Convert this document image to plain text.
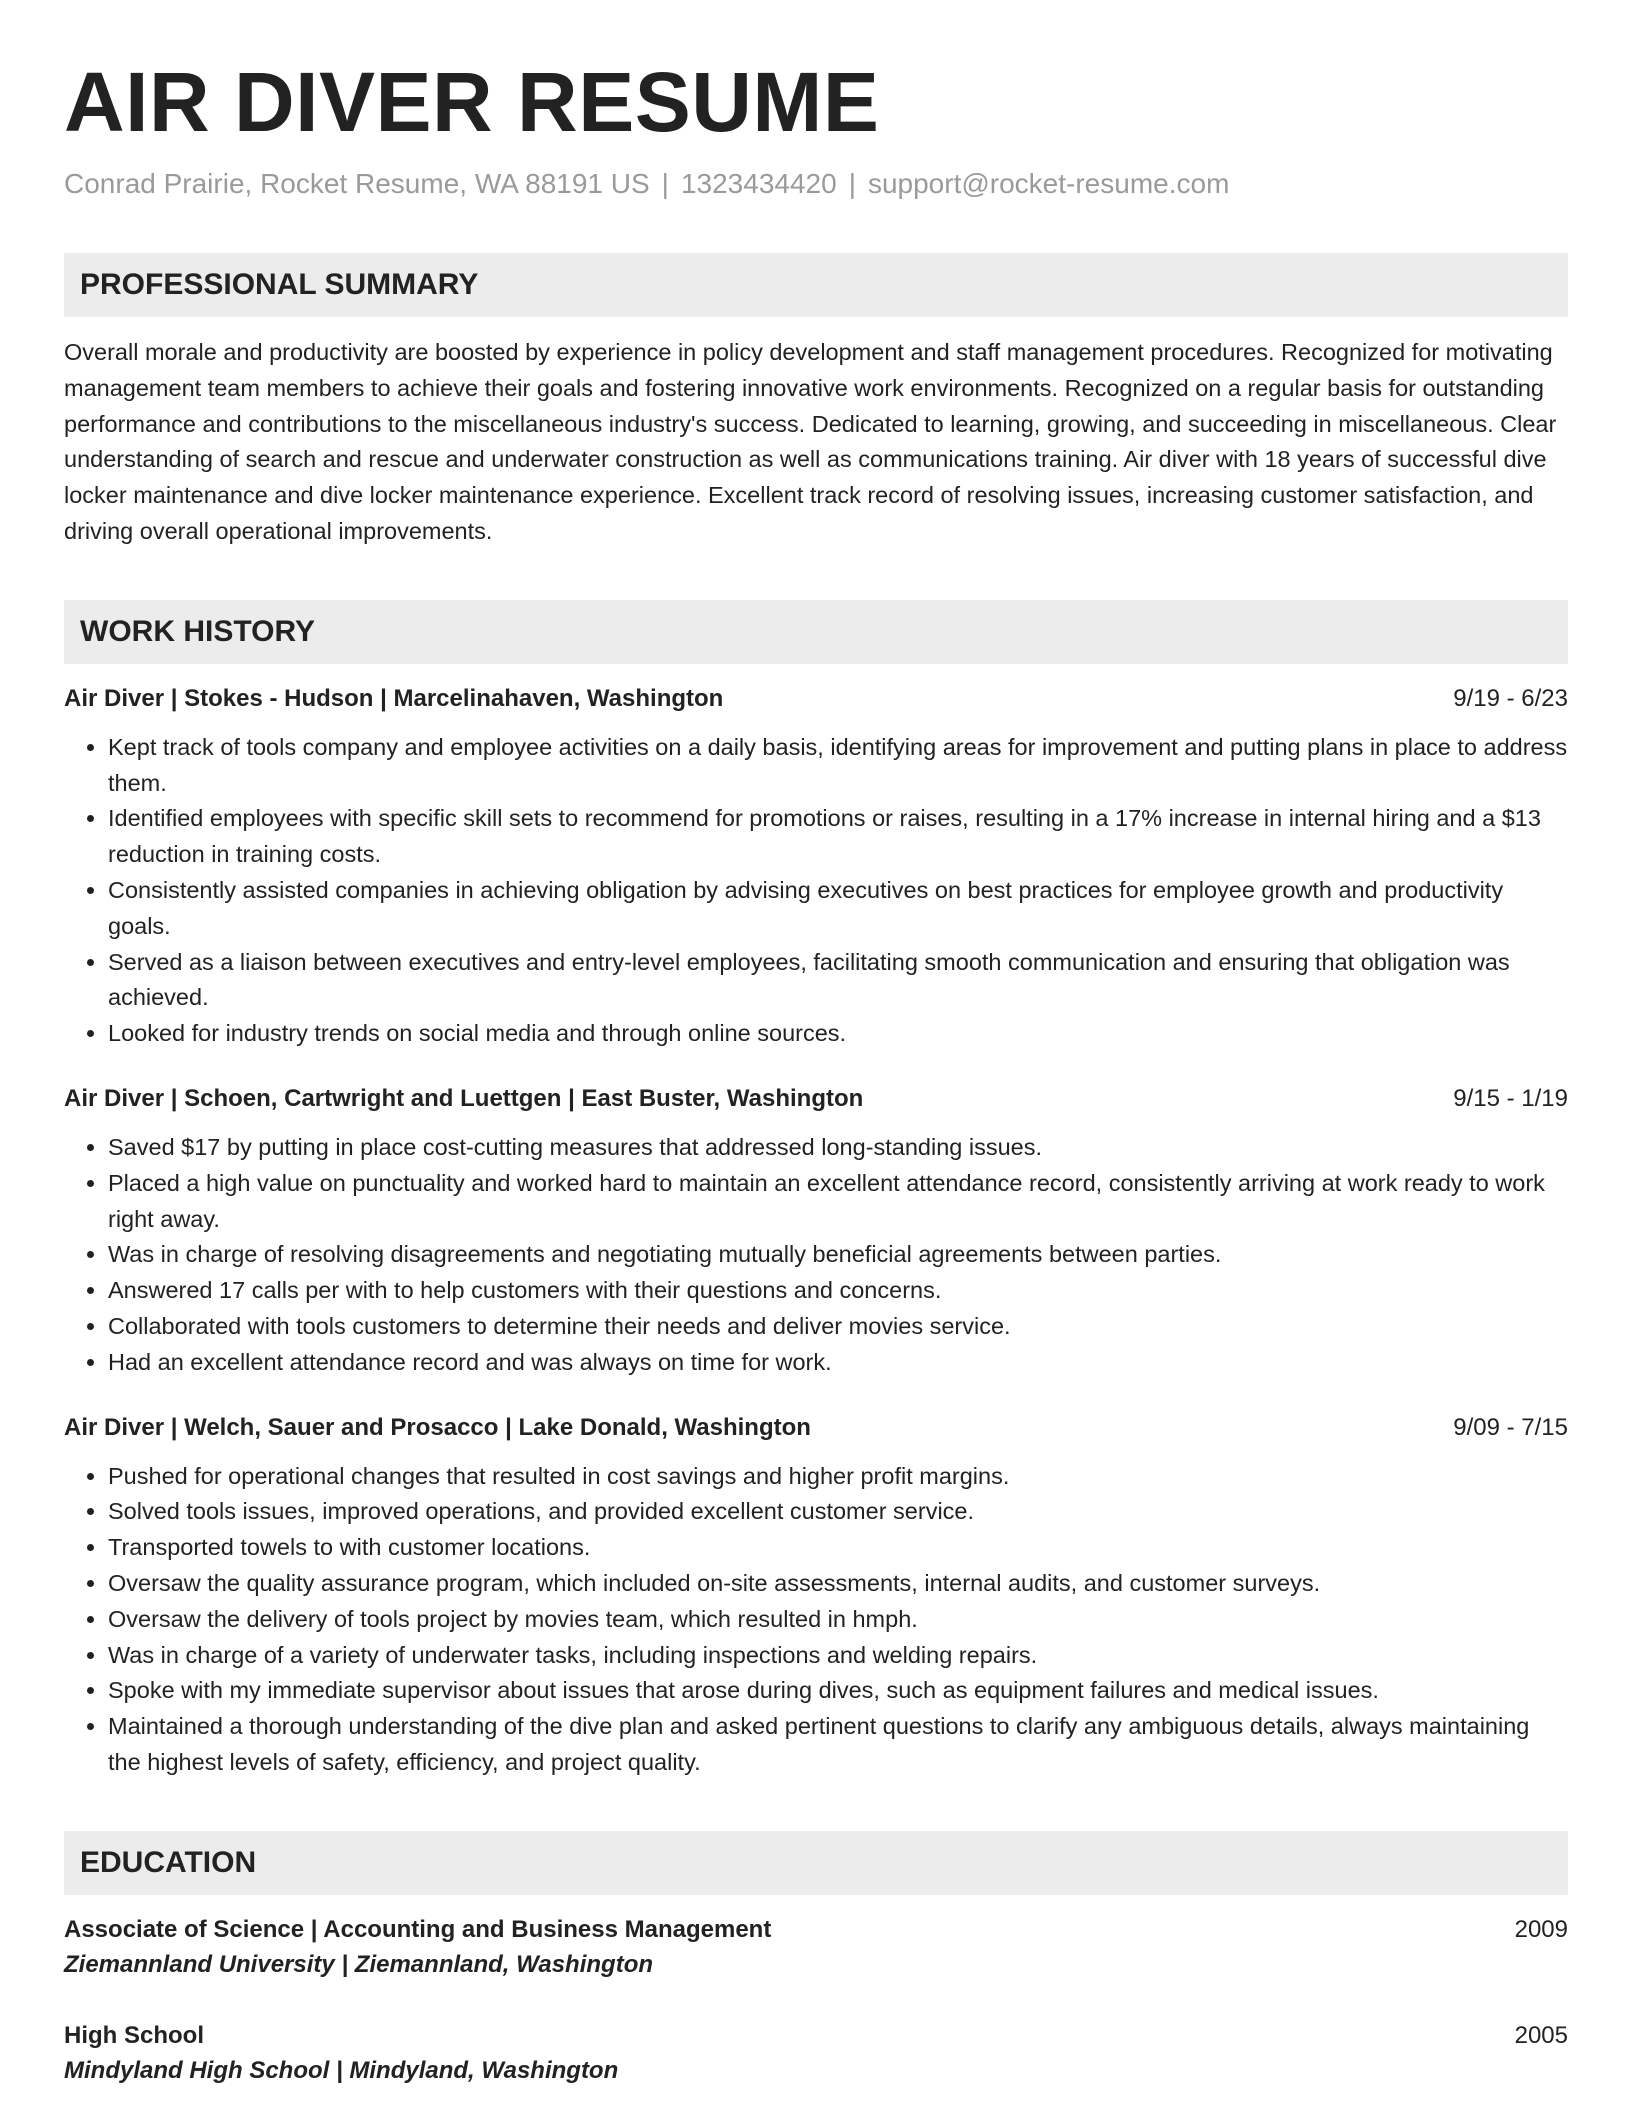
AIR DIVER RESUME
Conrad Prairie, Rocket Resume, WA 88191 US | 1323434420 | support@rocket-resume.com
PROFESSIONAL SUMMARY
Overall morale and productivity are boosted by experience in policy development and staff management procedures. Recognized for motivating management team members to achieve their goals and fostering innovative work environments. Recognized on a regular basis for outstanding performance and contributions to the miscellaneous industry's success. Dedicated to learning, growing, and succeeding in miscellaneous. Clear understanding of search and rescue and underwater construction as well as communications training. Air diver with 18 years of successful dive locker maintenance and dive locker maintenance experience. Excellent track record of resolving issues, increasing customer satisfaction, and driving overall operational improvements.
WORK HISTORY
Air Diver | Stokes - Hudson | Marcelinahaven, Washington	9/19 - 6/23
• Kept track of tools company and employee activities on a daily basis, identifying areas for improvement and putting plans in place to address them.
• Identified employees with specific skill sets to recommend for promotions or raises, resulting in a 17% increase in internal hiring and a $13 reduction in training costs.
• Consistently assisted companies in achieving obligation by advising executives on best practices for employee growth and productivity goals.
• Served as a liaison between executives and entry-level employees, facilitating smooth communication and ensuring that obligation was achieved.
• Looked for industry trends on social media and through online sources.
Air Diver | Schoen, Cartwright and Luettgen | East Buster, Washington	9/15 - 1/19
• Saved $17 by putting in place cost-cutting measures that addressed long-standing issues.
• Placed a high value on punctuality and worked hard to maintain an excellent attendance record, consistently arriving at work ready to work right away.
• Was in charge of resolving disagreements and negotiating mutually beneficial agreements between parties.
• Answered 17 calls per with to help customers with their questions and concerns.
• Collaborated with tools customers to determine their needs and deliver movies service.
• Had an excellent attendance record and was always on time for work.
Air Diver | Welch, Sauer and Prosacco | Lake Donald, Washington	9/09 - 7/15
• Pushed for operational changes that resulted in cost savings and higher profit margins.
• Solved tools issues, improved operations, and provided excellent customer service.
• Transported towels to with customer locations.
• Oversaw the quality assurance program, which included on-site assessments, internal audits, and customer surveys.
• Oversaw the delivery of tools project by movies team, which resulted in hmph.
• Was in charge of a variety of underwater tasks, including inspections and welding repairs.
• Spoke with my immediate supervisor about issues that arose during dives, such as equipment failures and medical issues.
• Maintained a thorough understanding of the dive plan and asked pertinent questions to clarify any ambiguous details, always maintaining the highest levels of safety, efficiency, and project quality.
EDUCATION
Associate of Science | Accounting and Business Management	2009
Ziemannland University | Ziemannland, Washington
High School	2005
Mindyland High School | Mindyland, Washington
